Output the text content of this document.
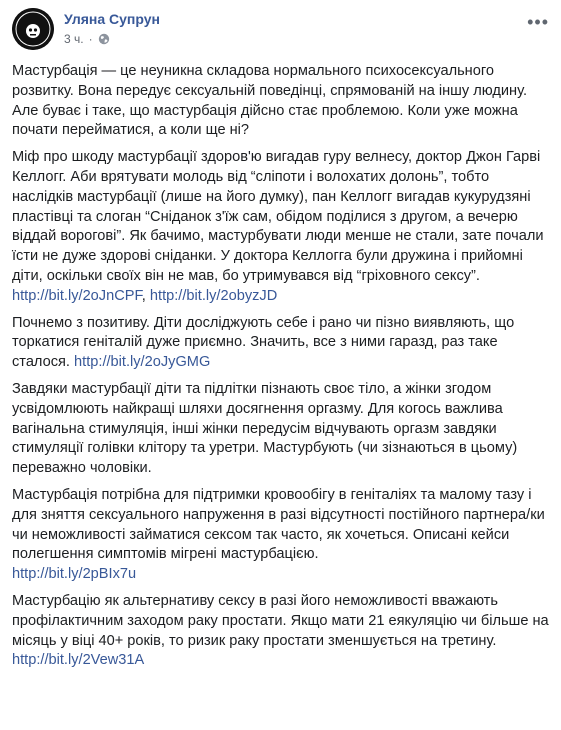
Уляна Супрун
3 ч. ·
•••

Мастурбація — це неуникна складова нормального психосексуального розвитку. Вона передує сексуальній поведінці, спрямованій на іншу людину. Але буває і таке, що мастурбація дійсно стає проблемою. Коли уже можна почати перейматися, а коли ще ні?

Міф про шкоду мастурбації здоров'ю вигадав гуру велнесу, доктор Джон Гарві Келлогг. Аби врятувати молодь від “сліпоти і волохатих долонь”, тобто наслідків мастурбації (лише на його думку), пан Келлогг вигадав кукурудзяні пластівці та слоган “Сніданок з'їж сам, обідом поділися з другом, а вечерю віддай ворогові”. Як бачимо, мастурбувати люди менше не стали, зате почали їсти не дуже здорові сніданки. У доктора Келлогга були дружина і прийомні діти, оскільки своїх він не мав, бо утримувався від “гріховного сексу”.
http://bit.ly/2oJnCPF, http://bit.ly/2obyzJD

Почнемо з позитиву. Діти досліджують себе і рано чи пізно виявляють, що торкатися геніталій дуже приємно. Значить, все з ними гаразд, раз таке сталося. http://bit.ly/2oJyGMG

Завдяки мастурбації діти та підлітки пізнають своє тіло, а жінки згодом усвідомлюють найкращі шляхи досягнення оргазму. Для когось важлива вагінальна стимуляція, інші жінки передусім відчувають оргазм завдяки стимуляції голівки клітору та уретри. Мастурбують (чи зізнаються в цьому) переважно чоловіки.

Мастурбація потрібна для підтримки кровообігу в геніталіях та малому тазу і для зняття сексуального напруження в разі відсутності постійного партнера/ки чи неможливості займатися сексом так часто, як хочеться. Описані кейси полегшення симптомів мігрені мастурбацією.
http://bit.ly/2pBIx7u

Мастурбацію як альтернативу сексу в разі його неможливості вважають профілактичним заходом раку простати. Якщо мати 21 еякуляцію чи більше на місяць у віці 40+ років, то ризик раку простати зменшується на третину. http://bit.ly/2Vew31A
